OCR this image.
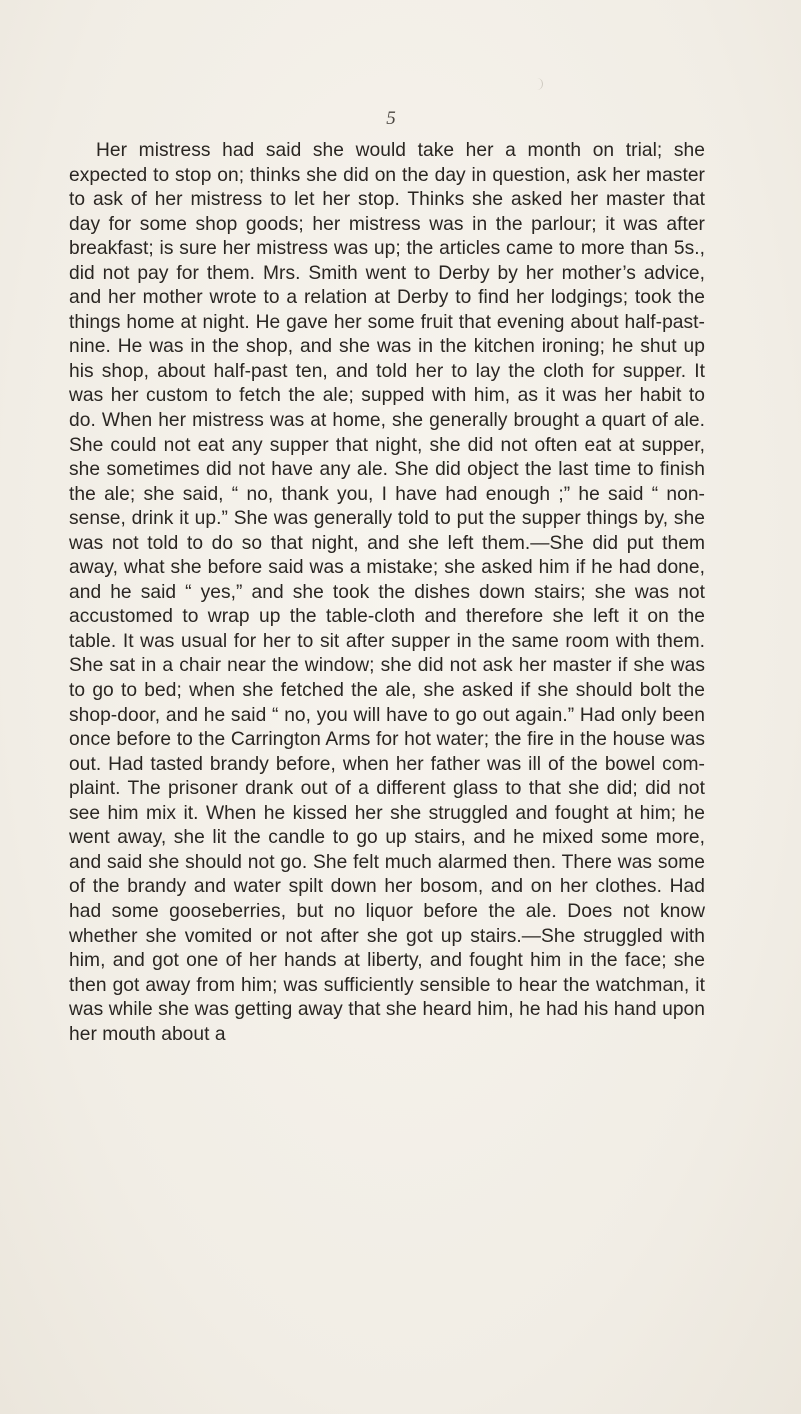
5

Her mistress had said she would take her a month on trial; she expected to stop on; thinks she did on the day in question, ask her master to ask of her mistress to let her stop. Thinks she asked her master that day for some shop goods; her mistress was in the parlour; it was after breakfast; is sure her mistress was up; the articles came to more than 5s., did not pay for them. Mrs. Smith went to Derby by her mother’s advice, and her mother wrote to a relation at Derby to find her lodgings; took the things home at night. He gave her some fruit that evening about half-past-nine. He was in the shop, and she was in the kitchen ironing; he shut up his shop, about half-past ten, and told her to lay the cloth for supper. It was her custom to fetch the ale; supped with him, as it was her habit to do. When her mistress was at home, she generally brought a quart of ale. She could not eat any supper that night, she did not often eat at supper, she sometimes did not have any ale. She did object the last time to finish the ale; she said, “ no, thank you, I have had enough ;” he said “ non-sense, drink it up.” She was generally told to put the supper things by, she was not told to do so that night, and she left them.—She did put them away, what she before said was a mistake; she asked him if he had done, and he said “ yes,” and she took the dishes down stairs; she was not accustomed to wrap up the table-cloth and therefore she left it on the table. It was usual for her to sit after supper in the same room with them. She sat in a chair near the window; she did not ask her master if she was to go to bed; when she fetched the ale, she asked if she should bolt the shop-door, and he said “ no, you will have to go out again.” Had only been once before to the Carrington Arms for hot water; the fire in the house was out. Had tasted brandy before, when her father was ill of the bowel com-plaint. The prisoner drank out of a different glass to that she did; did not see him mix it. When he kissed her she struggled and fought at him; he went away, she lit the candle to go up stairs, and he mixed some more, and said she should not go. She felt much alarmed then. There was some of the brandy and water spilt down her bosom, and on her clothes. Had had some gooseberries, but no liquor before the ale. Does not know whether she vomited or not after she got up stairs.—She struggled with him, and got one of her hands at liberty, and fought him in the face; she then got away from him; was sufficiently sensible to hear the watchman, it was while she was getting away that she heard him, he had his hand upon her mouth about a
